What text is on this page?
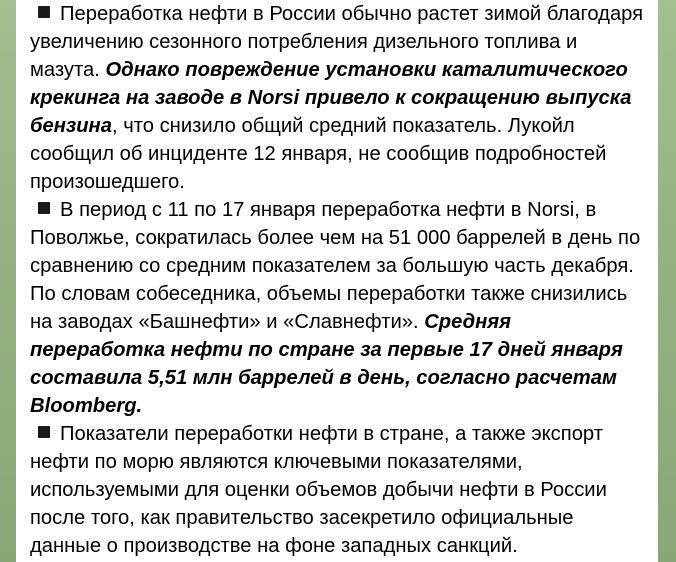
Переработка нефти в России обычно растет зимой благодаря увеличению сезонного потребления дизельного топлива и мазута. Однако повреждение установки каталитического крекинга на заводе в Norsi привело к сокращению выпуска бензина, что снизило общий средний показатель. Лукойл сообщил об инциденте 12 января, не сообщив подробностей произошедшего.

В период с 11 по 17 января переработка нефти в Norsi, в Поволжье, сократилась более чем на 51 000 баррелей в день по сравнению со средним показателем за большую часть декабря. По словам собеседника, объемы переработки также снизились на заводах «Башнефти» и «Славнефти». Средняя переработка нефти по стране за первые 17 дней января составила 5,51 млн баррелей в день, согласно расчетам Bloomberg.

Показатели переработки нефти в стране, а также экспорт нефти по морю являются ключевыми показателями, используемыми для оценки объемов добычи нефти в России после того, как правительство засекретило официальные данные о производстве на фоне западных санкций.
